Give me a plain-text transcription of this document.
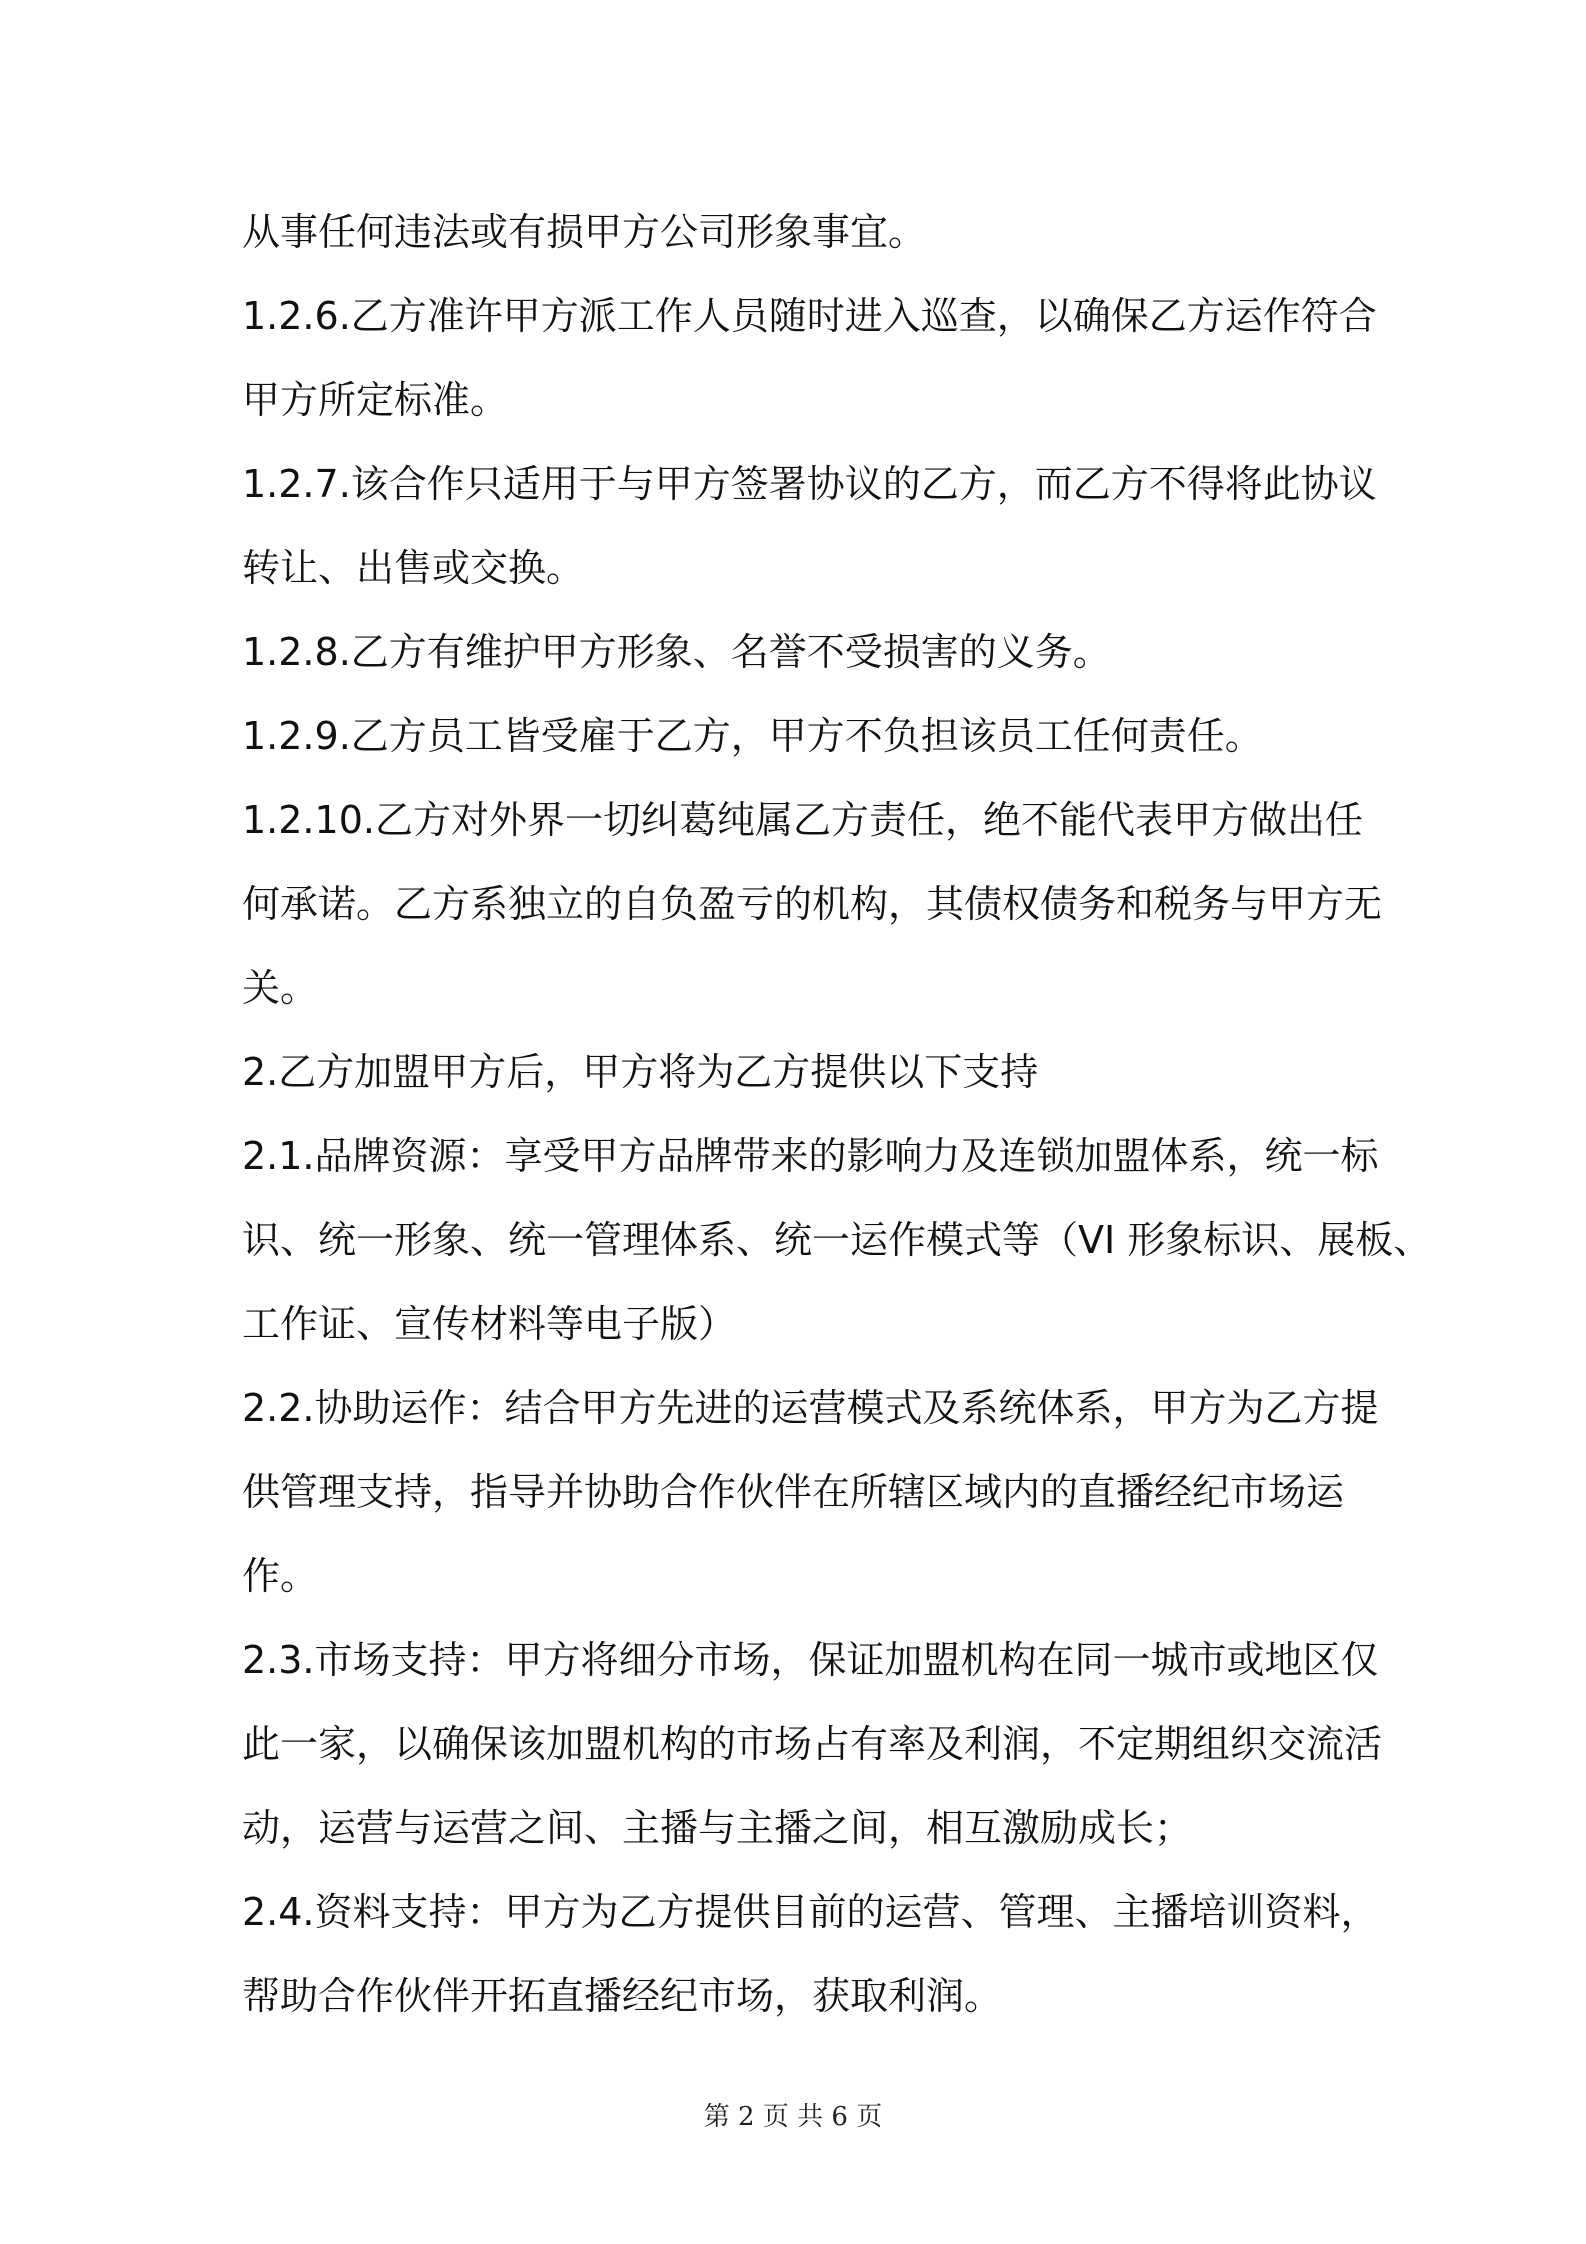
从事任何违法或有损甲方公司形象事宜。
1.2.6.乙方准许甲方派工作人员随时进入巡查，以确保乙方运作符合
甲方所定标准。
1.2.7.该合作只适用于与甲方签署协议的乙方，而乙方不得将此协议
转让、出售或交换。
1.2.8.乙方有维护甲方形象、名誉不受损害的义务。
1.2.9.乙方员工皆受雇于乙方，甲方不负担该员工任何责任。
1.2.10.乙方对外界一切纠葛纯属乙方责任，绝不能代表甲方做出任
何承诺。乙方系独立的自负盈亏的机构，其债权债务和税务与甲方无
关。
2.乙方加盟甲方后，甲方将为乙方提供以下支持
2.1.品牌资源：享受甲方品牌带来的影响力及连锁加盟体系，统一标
识、统一形象、统一管理体系、统一运作模式等（VI 形象标识、展板、
工作证、宣传材料等电子版）
2.2.协助运作：结合甲方先进的运营模式及系统体系，甲方为乙方提
供管理支持，指导并协助合作伙伴在所辖区域内的直播经纪市场运
作。
2.3.市场支持：甲方将细分市场，保证加盟机构在同一城市或地区仅
此一家，以确保该加盟机构的市场占有率及利润，不定期组织交流活
动，运营与运营之间、主播与主播之间，相互激励成长；
2.4.资料支持：甲方为乙方提供目前的运营、管理、主播培训资料，
帮助合作伙伴开拓直播经纪市场，获取利润。
第 2 页 共 6 页
